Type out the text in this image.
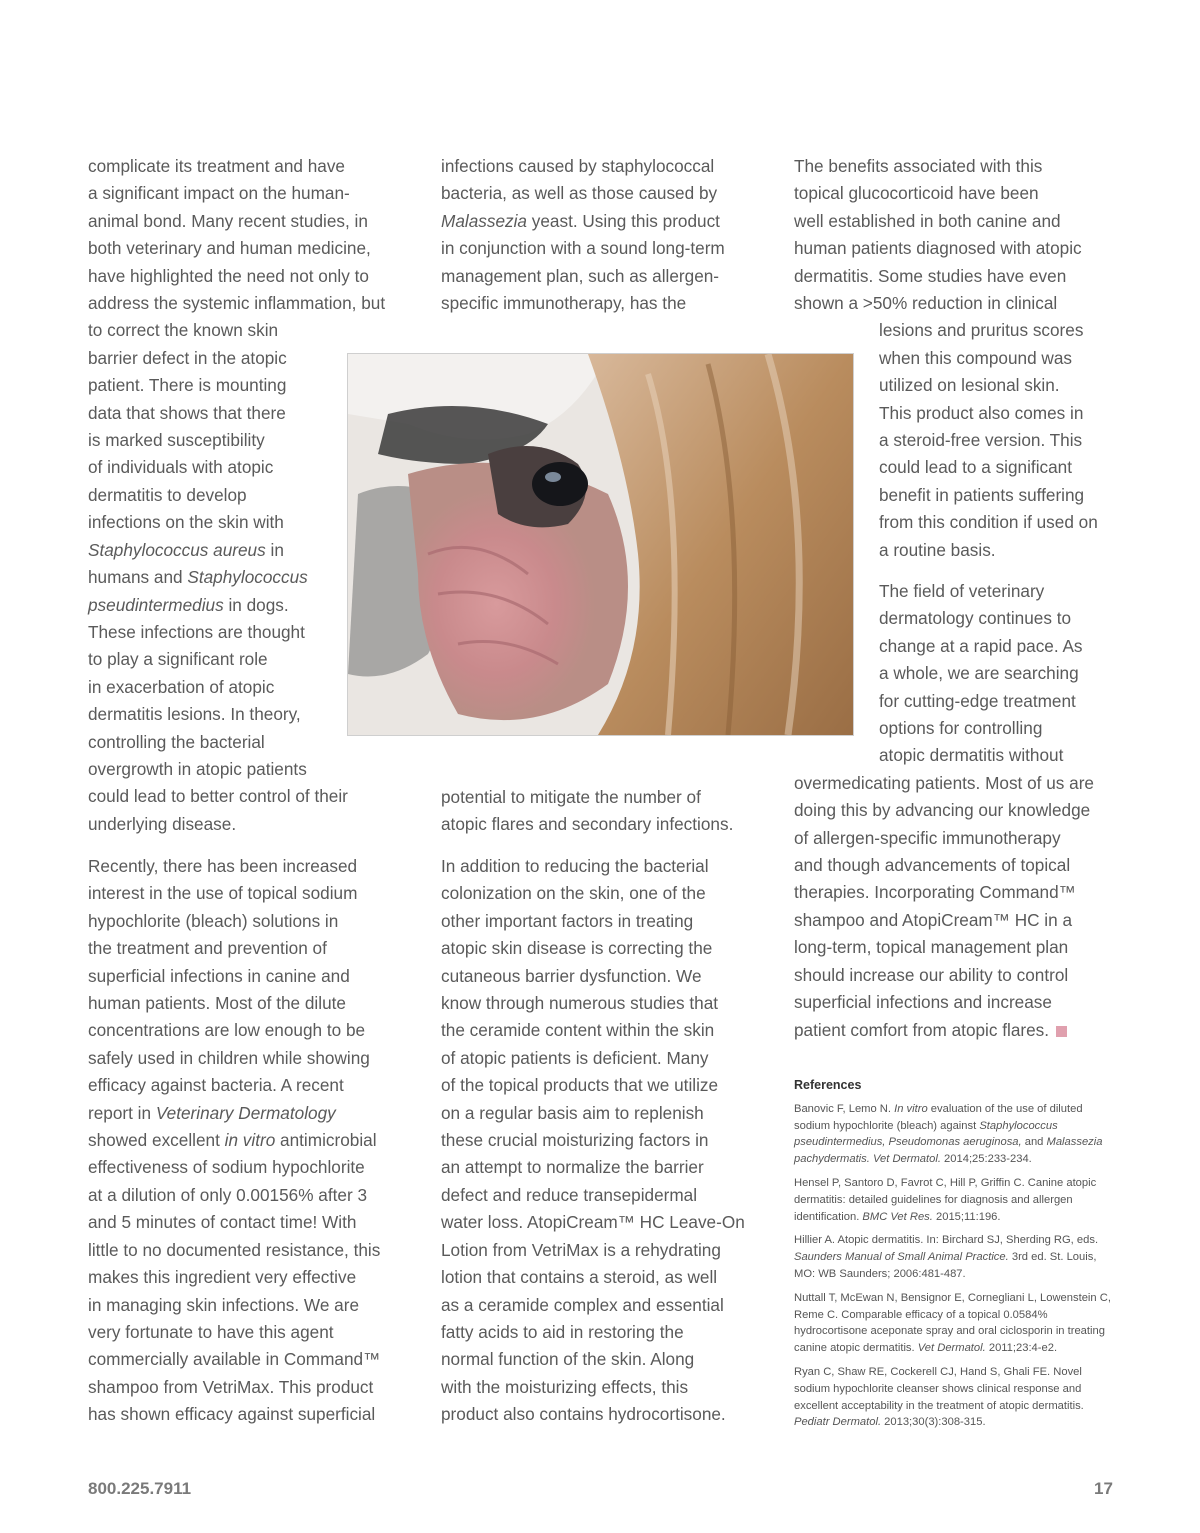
complicate its treatment and have
a significant impact on the human-
animal bond. Many recent studies, in
both veterinary and human medicine,
have highlighted the need not only to
address the systemic inflammation, but
to correct the known skin
barrier defect in the atopic
patient. There is mounting
data that shows that there
is marked susceptibility
of individuals with atopic
dermatitis to develop
infections on the skin with
Staphylococcus aureus in
humans and Staphylococcus
pseudintermedius in dogs.
These infections are thought
to play a significant role
in exacerbation of atopic
dermatitis lesions. In theory,
controlling the bacterial
overgrowth in atopic patients
could lead to better control of their
underlying disease.
Recently, there has been increased
interest in the use of topical sodium
hypochlorite (bleach) solutions in
the treatment and prevention of
superficial infections in canine and
human patients. Most of the dilute
concentrations are low enough to be
safely used in children while showing
efficacy against bacteria. A recent
report in Veterinary Dermatology
showed excellent in vitro antimicrobial
effectiveness of sodium hypochlorite
at a dilution of only 0.00156% after 3
and 5 minutes of contact time! With
little to no documented resistance, this
makes this ingredient very effective
in managing skin infections. We are
very fortunate to have this agent
commercially available in Command™
shampoo from VetriMax. This product
has shown efficacy against superficial
infections caused by staphylococcal
bacteria, as well as those caused by
Malassezia yeast. Using this product
in conjunction with a sound long-term
management plan, such as allergen-
specific immunotherapy, has the
potential to mitigate the number of
atopic flares and secondary infections.
In addition to reducing the bacterial
colonization on the skin, one of the
other important factors in treating
atopic skin disease is correcting the
cutaneous barrier dysfunction. We
know through numerous studies that
the ceramide content within the skin
of atopic patients is deficient. Many
of the topical products that we utilize
on a regular basis aim to replenish
these crucial moisturizing factors in
an attempt to normalize the barrier
defect and reduce transepidermal
water loss. AtopiCream™ HC Leave-On
Lotion from VetriMax is a rehydrating
lotion that contains a steroid, as well
as a ceramide complex and essential
fatty acids to aid in restoring the
normal function of the skin. Along
with the moisturizing effects, this
product also contains hydrocortisone.
The benefits associated with this
topical glucocorticoid have been
well established in both canine and
human patients diagnosed with atopic
dermatitis. Some studies have even
shown a >50% reduction in clinical
lesions and pruritus scores
when this compound was
utilized on lesional skin.
This product also comes in
a steroid-free version. This
could lead to a significant
benefit in patients suffering
from this condition if used on
a routine basis.
The field of veterinary
dermatology continues to
change at a rapid pace. As
a whole, we are searching
for cutting-edge treatment
options for controlling
atopic dermatitis without
overmedicating patients. Most of us are
doing this by advancing our knowledge
of allergen-specific immunotherapy
and though advancements of topical
therapies. Incorporating Command™
shampoo and AtopiCream™ HC in a
long-term, topical management plan
should increase our ability to control
superficial infections and increase
patient comfort from atopic flares.
References

Banovic F, Lemo N. In vitro evaluation of the use of diluted sodium hypochlorite (bleach) against Staphylococcus pseudintermedius, Pseudomonas aeruginosa, and Malassezia pachydermatis. Vet Dermatol. 2014;25:233-234.

Hensel P, Santoro D, Favrot C, Hill P, Griffin C. Canine atopic dermatitis: detailed guidelines for diagnosis and allergen identification. BMC Vet Res. 2015;11:196.

Hillier A. Atopic dermatitis. In: Birchard SJ, Sherding RG, eds. Saunders Manual of Small Animal Practice. 3rd ed. St. Louis, MO: WB Saunders; 2006:481-487.

Nuttall T, McEwan N, Bensignor E, Cornegliani L, Lowenstein C, Reme C. Comparable efficacy of a topical 0.0584% hydrocortisone aceponate spray and oral ciclosporin in treating canine atopic dermatitis. Vet Dermatol. 2011;23:4-e2.

Ryan C, Shaw RE, Cockerell CJ, Hand S, Ghali FE. Novel sodium hypochlorite cleanser shows clinical response and excellent acceptability in the treatment of atopic dermatitis. Pediatr Dermatol. 2013;30(3):308-315.

800.225.7911	17
